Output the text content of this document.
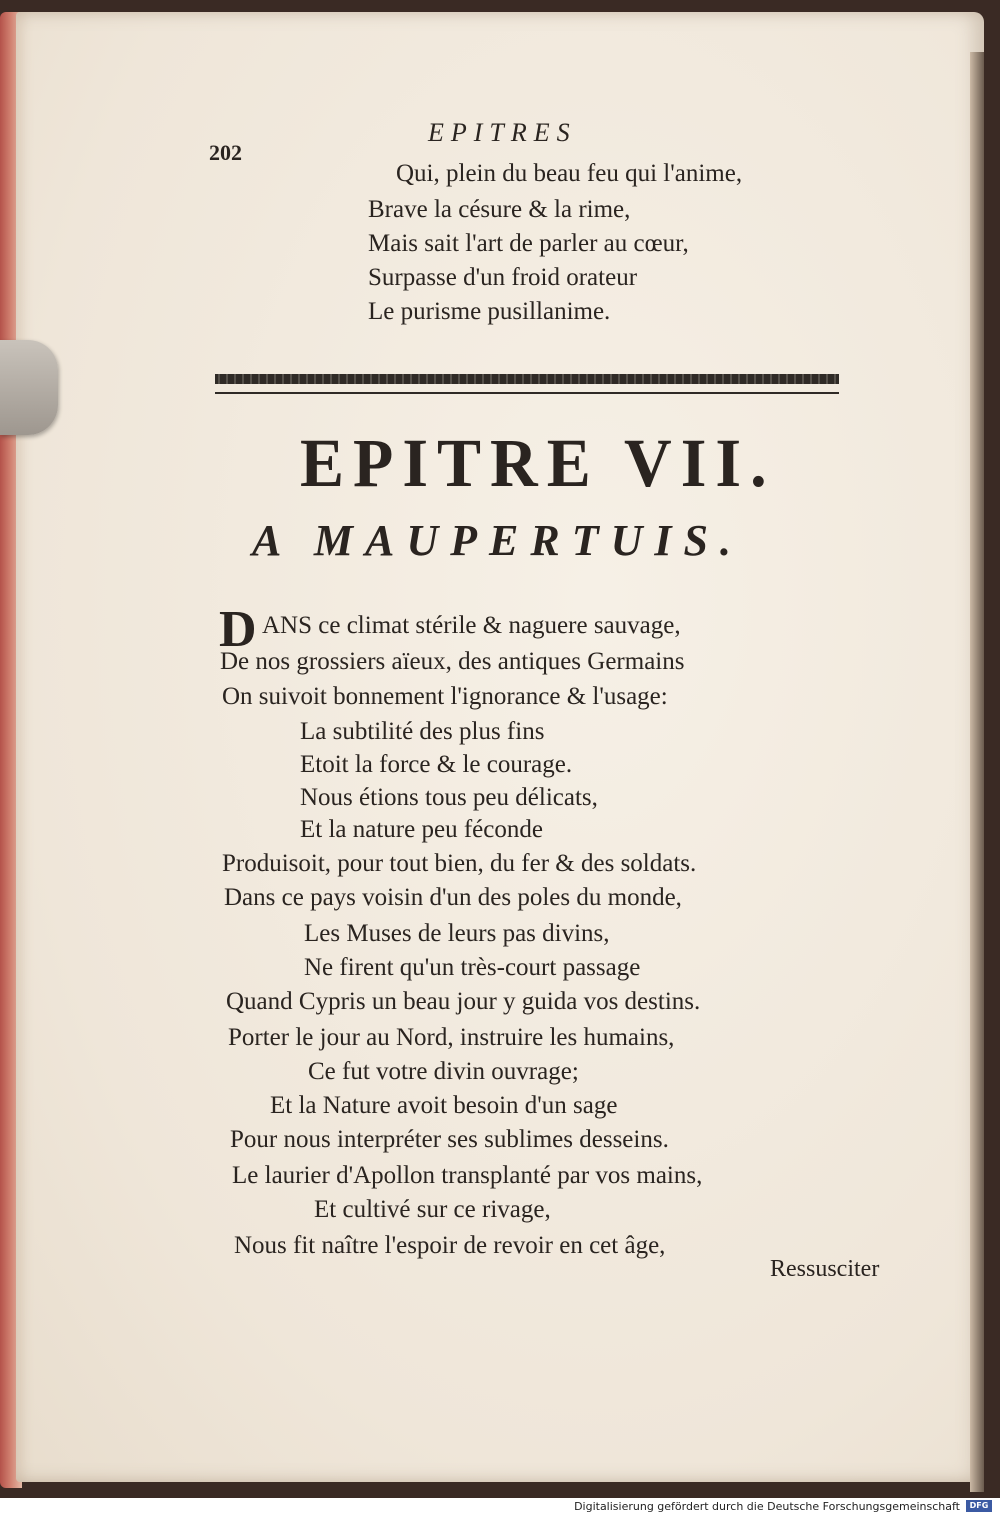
202
EPITRES
Qui, plein du beau feu qui l'anime,
Brave la césure & la rime,
Mais sait l'art de parler au cœur,
Surpasse d'un froid orateur
Le purisme pusillanime.
EPITRE VII.
A MAUPERTUIS.
D ANS ce climat stérile & naguere sauvage,
De nos grossiers aïeux, des antiques Germains
On suivoit bonnement l'ignorance & l'usage:
La subtilité des plus fins
Etoit la force & le courage.
Nous étions tous peu délicats,
Et la nature peu féconde
Produisoit, pour tout bien, du fer & des soldats.
Dans ce pays voisin d'un des poles du monde,
Les Muses de leurs pas divins,
Ne firent qu'un très-court passage
Quand Cypris un beau jour y guida vos destins.
Porter le jour au Nord, instruire les humains,
Ce fut votre divin ouvrage;
Et la Nature avoit besoin d'un sage
Pour nous interpréter ses sublimes desseins.
Le laurier d'Apollon transplanté par vos mains,
Et cultivé sur ce rivage,
Nous fit naître l'espoir de revoir en cet âge,
Ressusciter
Digitalisierung gefördert durch die Deutsche Forschungsgemeinschaft	DFG
